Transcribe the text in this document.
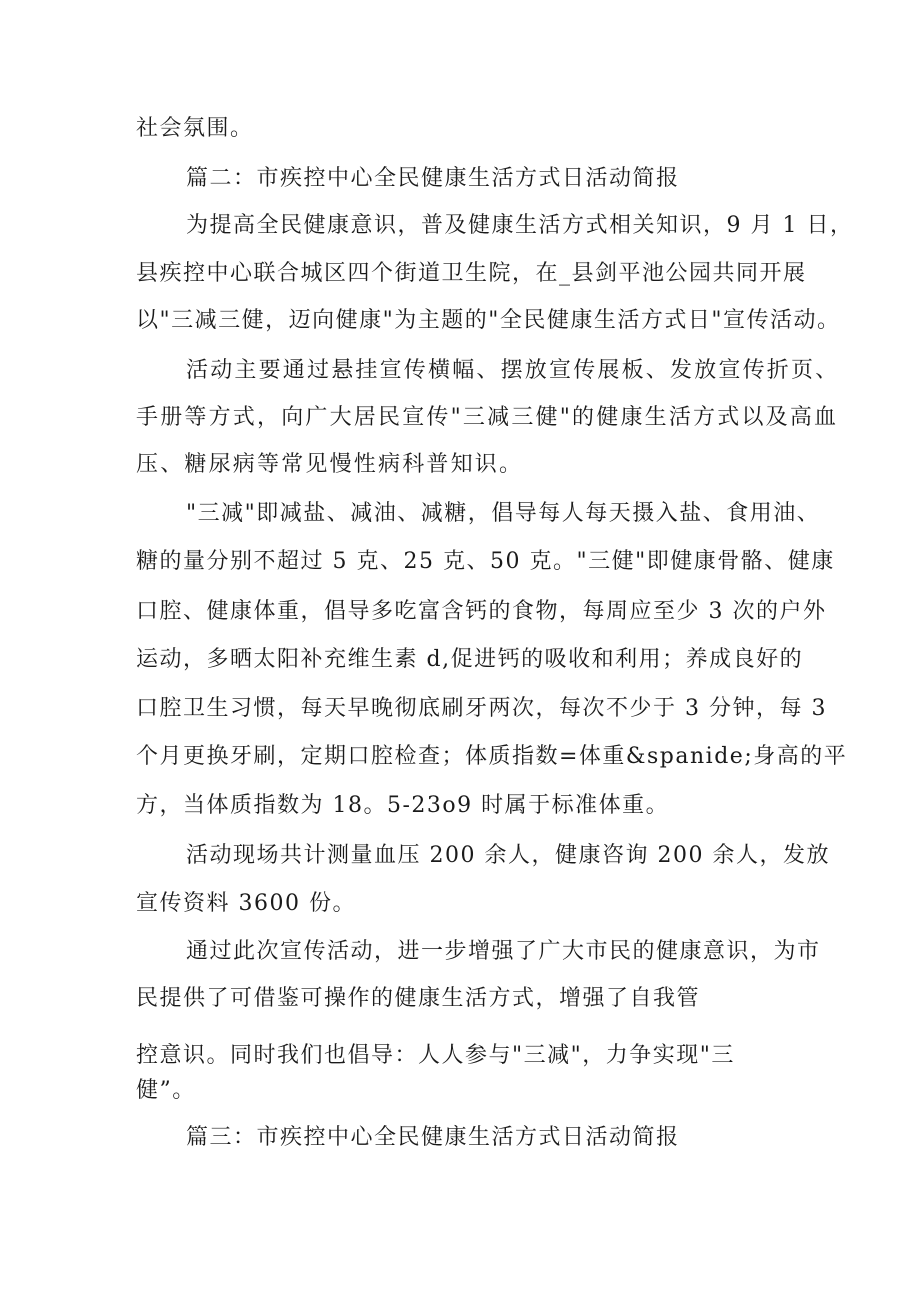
社会氛围。
篇二：市疾控中心全民健康生活方式日活动简报
为提高全民健康意识，普及健康生活方式相关知识，9 月 1 日，
县疾控中心联合城区四个街道卫生院，在_县剑平池公园共同开展
以"三减三健，迈向健康"为主题的"全民健康生活方式日"宣传活动。
活动主要通过悬挂宣传横幅、摆放宣传展板、发放宣传折页、
手册等方式，向广大居民宣传"三减三健"的健康生活方式以及高血
压、糖尿病等常见慢性病科普知识。
"三减"即减盐、减油、减糖，倡导每人每天摄入盐、食用油、
糖的量分别不超过 5 克、25 克、50 克。"三健"即健康骨骼、健康
口腔、健康体重，倡导多吃富含钙的食物，每周应至少 3 次的户外
运动，多晒太阳补充维生素 d,促进钙的吸收和利用；养成良好的
口腔卫生习惯，每天早晚彻底刷牙两次，每次不少于 3 分钟，每 3
个月更换牙刷，定期口腔检查；体质指数=体重&spanide;身高的平
方，当体质指数为 18。5-23o9 时属于标准体重。
活动现场共计测量血压 200 余人，健康咨询 200 余人，发放
宣传资料 3600 份。
通过此次宣传活动，进一步增强了广大市民的健康意识，为市
民提供了可借鉴可操作的健康生活方式，增强了自我管
控意识。同时我们也倡导：人人参与"三减"，力争实现"三
健”。
篇三：市疾控中心全民健康生活方式日活动简报
